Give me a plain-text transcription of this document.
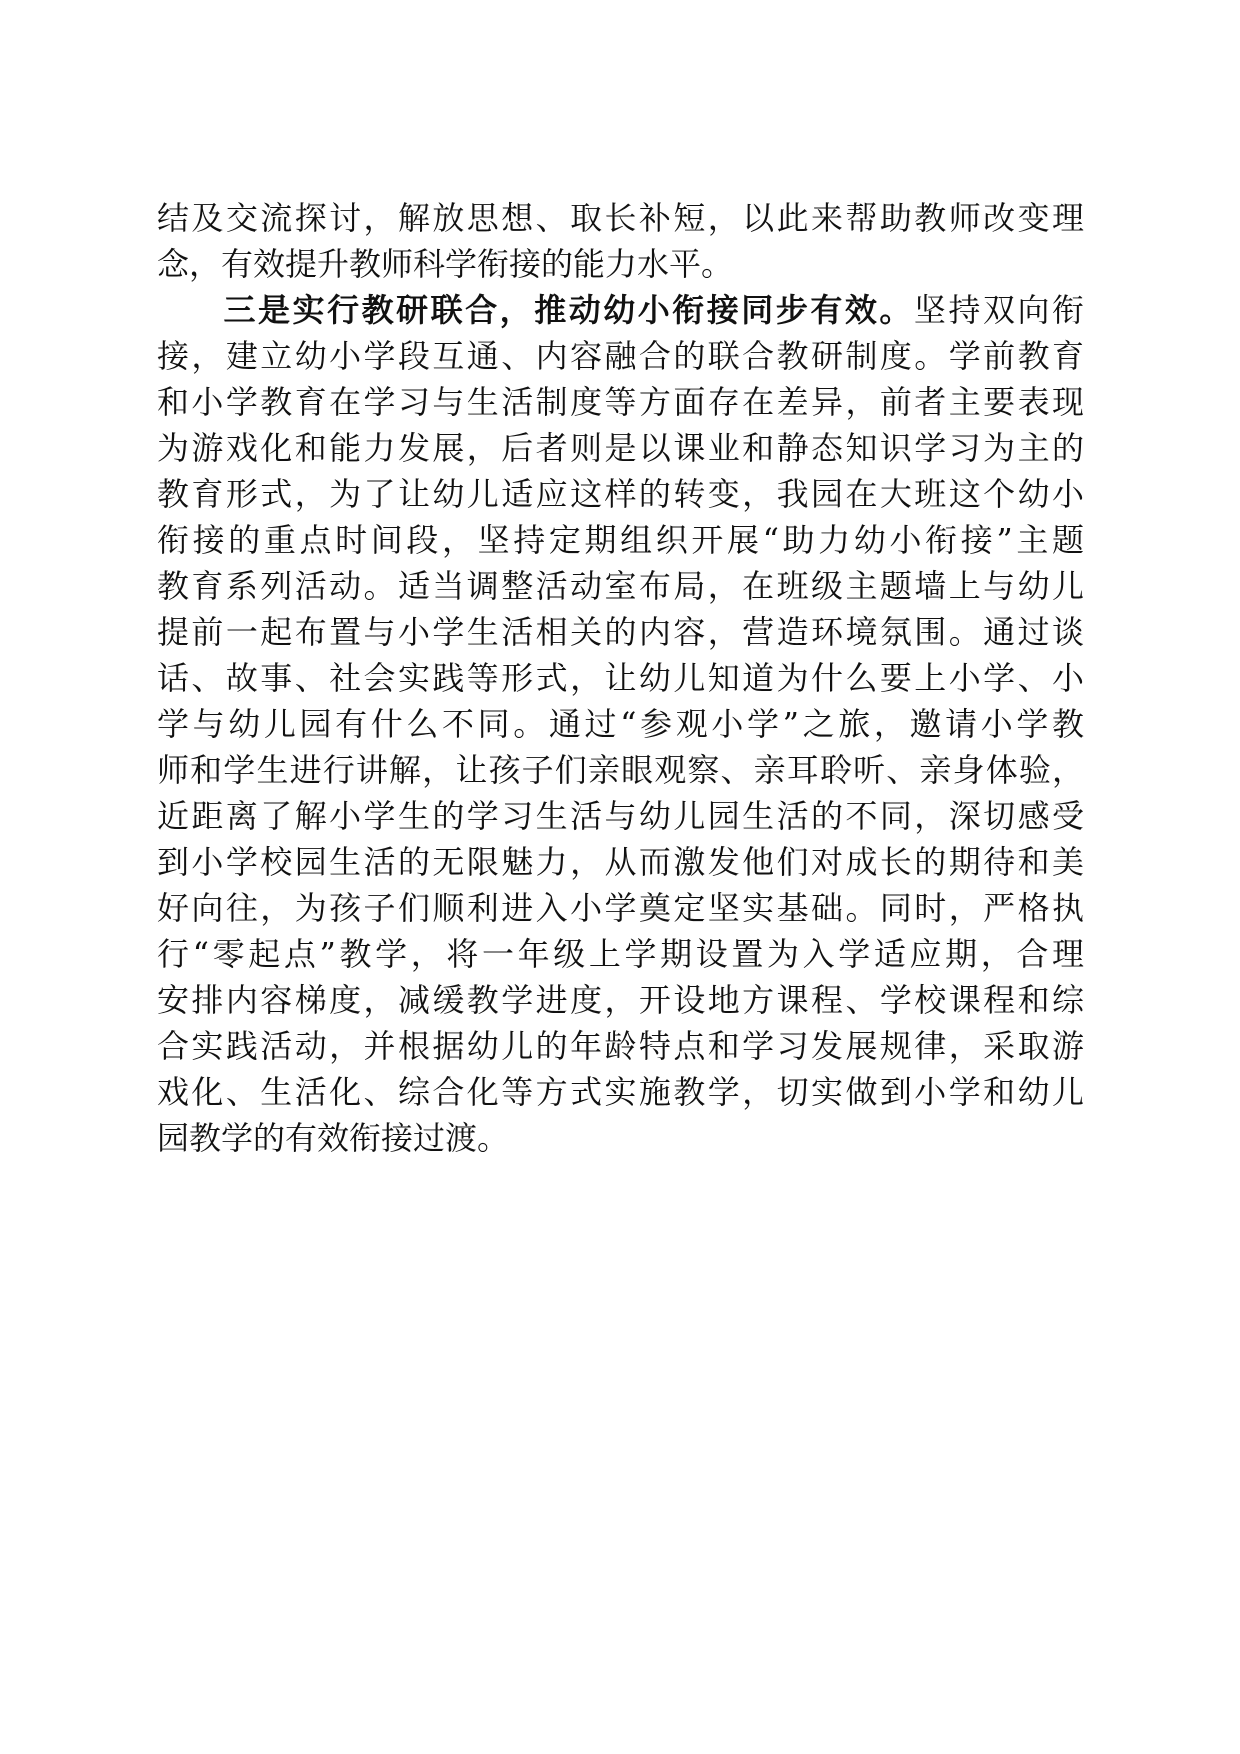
结及交流探讨，解放思想、取长补短，以此来帮助教师改变理
念，有效提升教师科学衔接的能力水平。
三是实行教研联合，推动幼小衔接同步有效。坚持双向衔
接，建立幼小学段互通、内容融合的联合教研制度。学前教育
和小学教育在学习与生活制度等方面存在差异，前者主要表现
为游戏化和能力发展，后者则是以课业和静态知识学习为主的
教育形式，为了让幼儿适应这样的转变，我园在大班这个幼小
衔接的重点时间段，坚持定期组织开展“助力幼小衔接”主题
教育系列活动。适当调整活动室布局，在班级主题墙上与幼儿
提前一起布置与小学生活相关的内容，营造环境氛围。通过谈
话、故事、社会实践等形式，让幼儿知道为什么要上小学、小
学与幼儿园有什么不同。通过“参观小学”之旅，邀请小学教
师和学生进行讲解，让孩子们亲眼观察、亲耳聆听、亲身体验，
近距离了解小学生的学习生活与幼儿园生活的不同，深切感受
到小学校园生活的无限魅力，从而激发他们对成长的期待和美
好向往，为孩子们顺利进入小学奠定坚实基础。同时，严格执
行“零起点”教学，将一年级上学期设置为入学适应期，合理
安排内容梯度，减缓教学进度，开设地方课程、学校课程和综
合实践活动，并根据幼儿的年龄特点和学习发展规律，采取游
戏化、生活化、综合化等方式实施教学，切实做到小学和幼儿
园教学的有效衔接过渡。
